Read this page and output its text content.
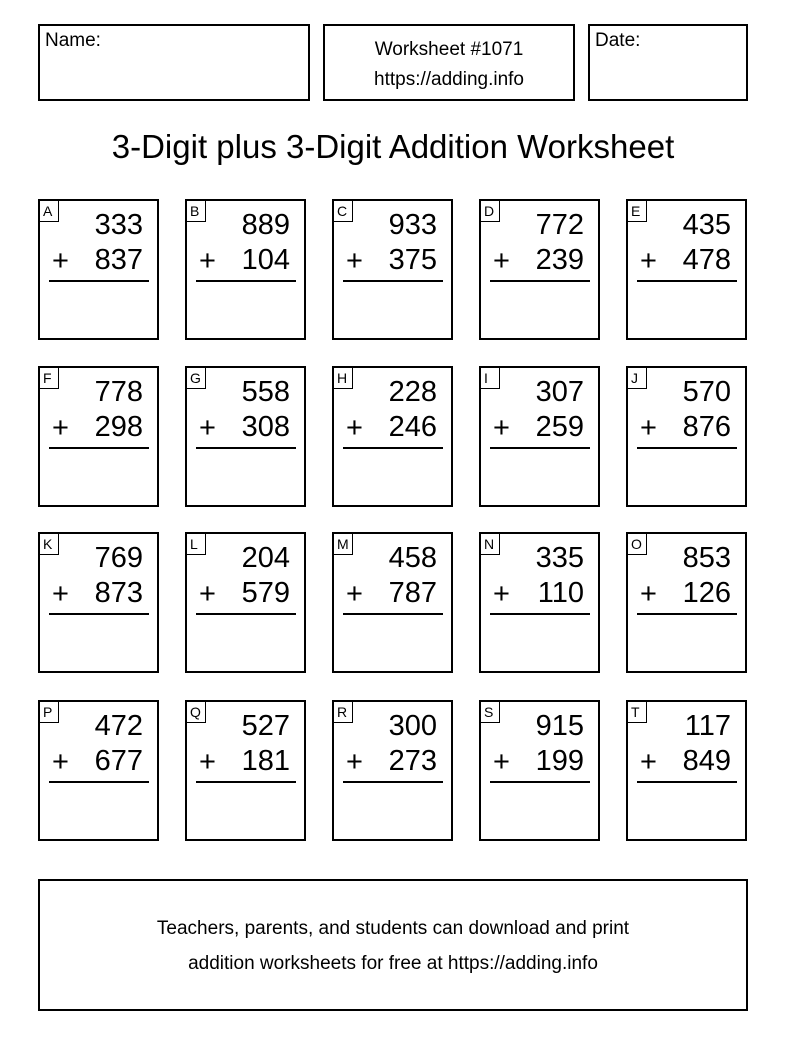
Name:	Worksheet #1071
https://adding.info
Date:
3-Digit plus 3-Digit Addition Worksheet
A 333
+ 837
B 889
+ 104
C 933
+ 375
D 772
+ 239
E 435
+ 478
F 778
+ 298
G 558
+ 308
H 228
+ 246
I	307
+ 259
J	570
+ 876
K 769
+ 873
L 204
+ 579
M 458
+ 787
N 335
+ 110
O 853
+ 126
P 472
+ 677
Q 527
+ 181
R 300
+ 273
S 915
+ 199
T 117
+ 849
Teachers, parents, and students can download and print
addition worksheets for free at https://adding.info
